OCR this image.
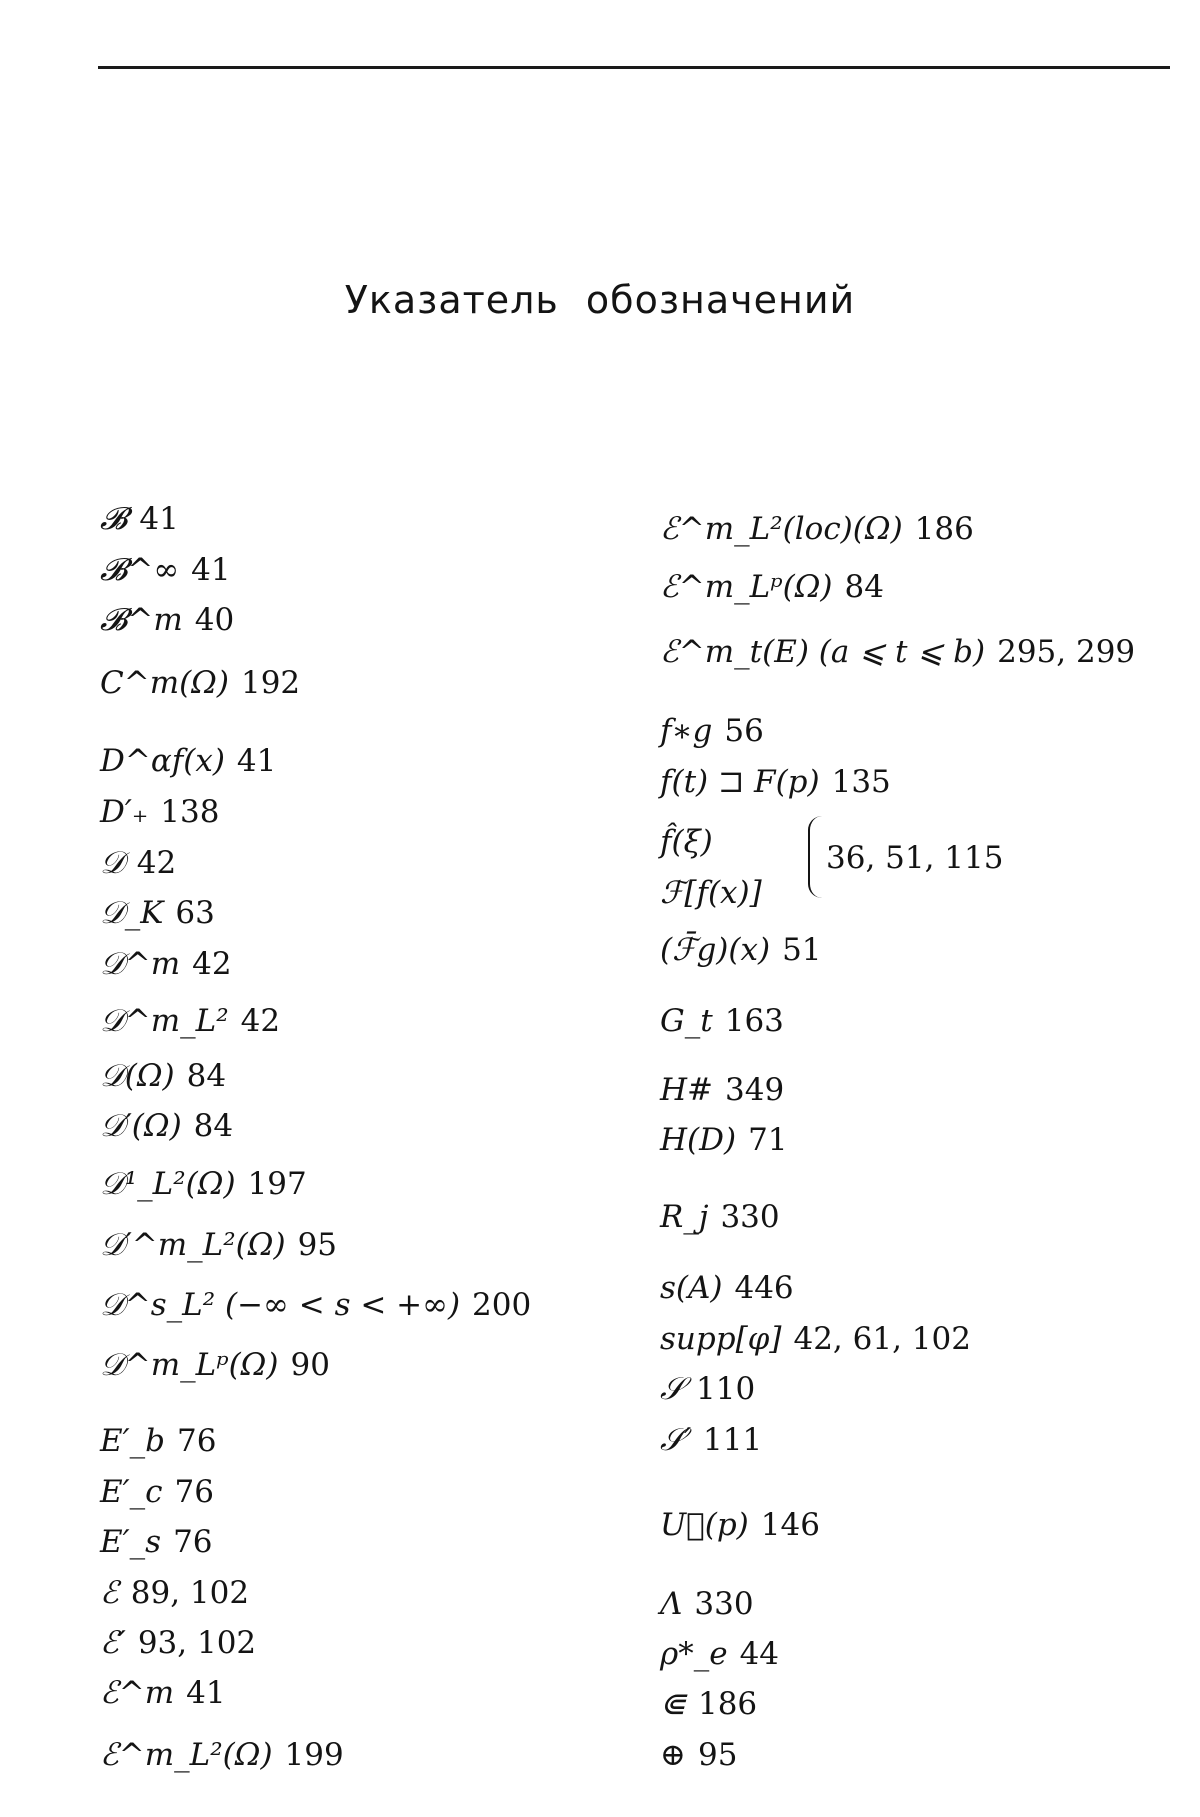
Указатель обозначений
𝓑 41
𝓑^∞ 41
𝓑^m 40
C^m(Ω) 192
D^αf(x) 41
D′₊ 138
𝒟 42
𝒟_K 63
𝒟^m 42
𝒟^m_L² 42
𝒟(Ω) 84
𝒟′(Ω) 84
𝒟¹_L²(Ω) 197
𝒟′^m_L²(Ω) 95
𝒟^s_L² (−∞ < s < +∞) 200
𝒟^m_Lᵖ(Ω) 90
E′_b 76
E′_c 76
E′_s 76
ℰ 89, 102
ℰ′ 93, 102
ℰ^m 41
ℰ^m_L²(Ω) 199
ℰ^m_L²(loc)(Ω) 186
ℰ^m_Lᵖ(Ω) 84
ℰ^m_t(E) (a ⩽ t ⩽ b) 295, 299
f∗g 56
f(t) ⊐ F(p) 135
f̂(ξ)
ℱ[f(x)]
36, 51, 115
(ℱ̄g)(x) 51
G_t 163
H# 349
H(D) 71
R_j 330
s(A) 446
supp[φ] 42, 61, 102
𝒮 110
𝒮′ 111
U⃗(p) 146
Λ 330
ρ*_e 44
⋐ 186
⊕ 95
